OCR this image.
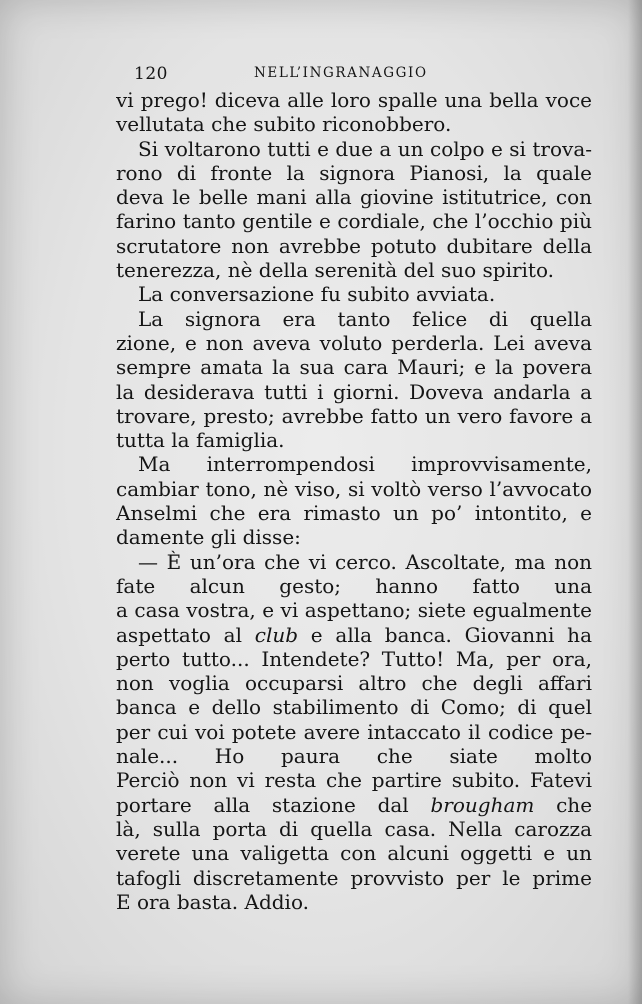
120	NELL’INGRANAGGIO
vi prego! diceva alle loro spalle una bella voce
vellutata che subito riconobbero.
Si voltarono tutti e due a un colpo e si trova-
rono di fronte la signora Pianosi, la quale
deva le belle mani alla giovine istitutrice, con
farino tanto gentile e cordiale, che l’occhio più
scrutatore non avrebbe potuto dubitare della
tenerezza, nè della serenità del suo spirito.
La conversazione fu subito avviata.
La signora era tanto felice di quella
zione, e non aveva voluto perderla. Lei aveva
sempre amata la sua cara Mauri; e la povera
la desiderava tutti i giorni. Doveva andarla a
trovare, presto; avrebbe fatto un vero favore a
tutta la famiglia.
Ma interrompendosi improvvisamente,
cambiar tono, nè viso, si voltò verso l’avvocato
Anselmi che era rimasto un po’ intontito, e
damente gli disse:
— È un’ora che vi cerco. Ascoltate, ma non
fate alcun gesto; hanno fatto una
a casa vostra, e vi aspettano; siete egualmente
aspettato al club e alla banca. Giovanni ha
perto tutto... Intendete? Tutto! Ma, per ora,
non voglia occuparsi altro che degli affari
banca e dello stabilimento di Como; di quel
per cui voi potete avere intaccato il codice pe-
nale... Ho paura che siate molto
Perciò non vi resta che partire subito. Fatevi
portare alla stazione dal brougham che
là, sulla porta di quella casa. Nella carozza
verete una valigetta con alcuni oggetti e un
tafogli discretamente provvisto per le prime
E ora basta. Addio.
